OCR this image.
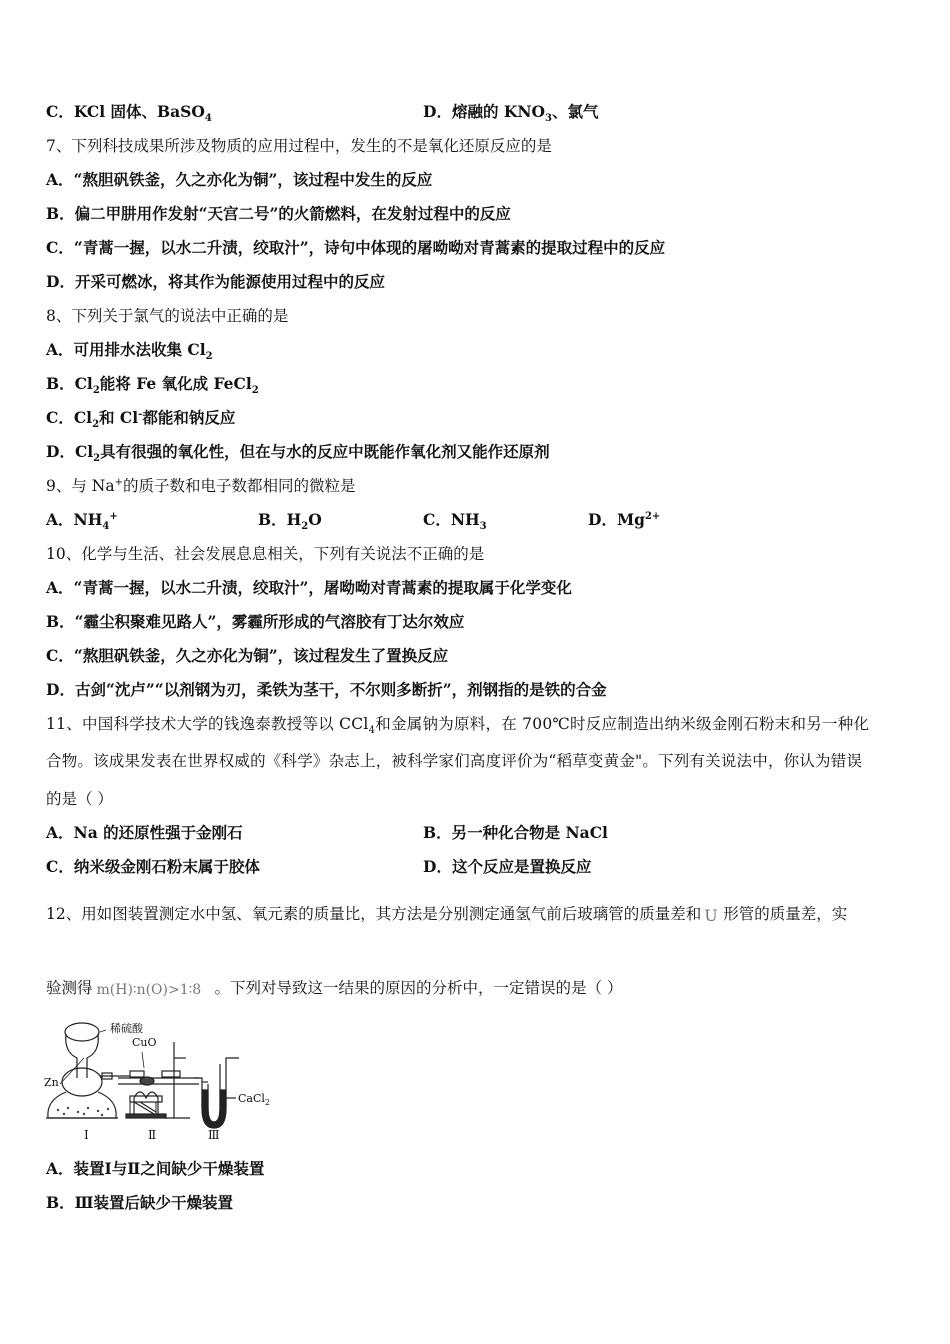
C．KCl 固体、BaSO$_4$	D．熔融的 $KNO_3$、氯气
7、下列科技成果所涉及物质的应用过程中，发生的不是氧化还原反应的是
A．“熬胆矾铁釜，久之亦化为铜”，该过程中发生的反应
B．偏二甲肼用作发射“天宫二号”的火箭燃料，在发射过程中的反应
C．“青蒿一握，以水二升渍，绞取汁”，诗句中体现的屠呦呦对青蒿素的提取过程中的反应
D．开采可燃冰，将其作为能源使用过程中的反应
8、下列关于氯气的说法中正确的是
A．可用排水法收集 $Cl_2$
B．$Cl_2$能将 Fe 氧化成 FeCl$_2$
C．$Cl_2$和 Cl-都能和钠反应
D．$Cl_2$具有很强的氧化性，但在与水的反应中既能作氧化剂又能作还原剂
9、与 Na+的质子数和电子数都相同的微粒是
A．$NH_4^+$	B．$H_2O$	C．$NH_3$	D．$Mg^{2+}$
10、化学与生活、社会发展息息相关，下列有关说法不正确的是
A．“青蒿一握，以水二升渍，绞取汁”，屠呦呦对青蒿素的提取属于化学变化
B．“霾尘积聚难见路人”，雾霾所形成的气溶胶有丁达尔效应
C．“熬胆矾铁釜，久之亦化为铜”，该过程发生了置换反应
D．古剑“沈卢”“以剂钢为刃，柔铁为茎干，不尔则多断折”，剂钢指的是铁的合金
11、中国科学技术大学的钱逸泰教授等以 CCl$_4$和金属钠为原料，在 700℃时反应制造出纳米级金刚石粉末和另一种化
合物。该成果发表在世界权威的《科学》杂志上，被科学家们高度评价为“稻草变黄金"。下列有关说法中，你认为错误
的是（ ）
A．Na 的还原性强于金刚石	B．另一种化合物是 NaCl
C．纳米级金刚石粉末属于胶体	D．这个反应是置换反应
12、用如图装置测定水中氢、氧元素的质量比，其方法是分别测定通氢气前后玻璃管的质量差和 U 形管的质量差，实
验测得 m(H)∶n(O)>1∶8 。下列对导致这一结果的原因的分析中，一定错误的是（ ）
稀硫酸
CuO
Zn
CaCl$_2$
Ⅰ	Ⅱ	Ⅲ
A．装置Ⅰ与Ⅱ之间缺少干燥装置
B．Ⅲ装置后缺少干燥装置
